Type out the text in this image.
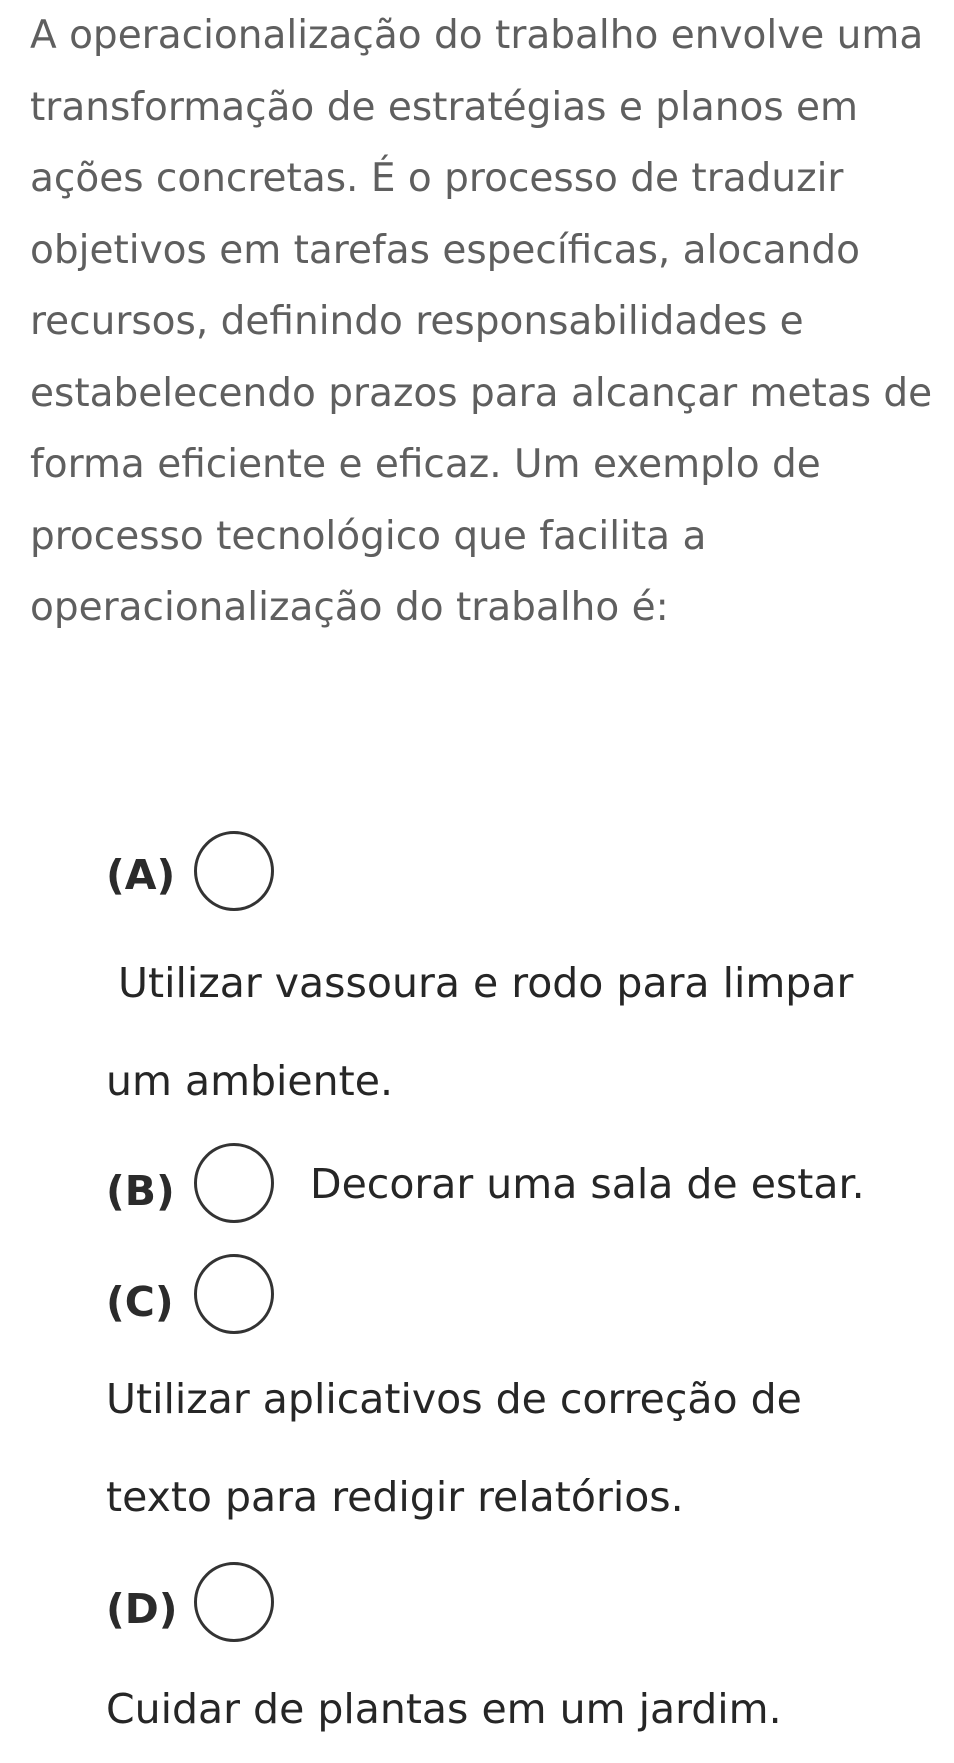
A operacionalização do trabalho envolve uma transformação de estratégias e planos em ações concretas. É o processo de traduzir objetivos em tarefas específicas, alocando recursos, definindo responsabilidades e estabelecendo prazos para alcançar metas de forma eficiente e eficaz. Um exemplo de processo tecnológico que facilita a operacionalização do trabalho é:

(A)

Utilizar vassoura e rodo para limpar um ambiente.

(B)	Decorar uma sala de estar.

(C)

Utilizar aplicativos de correção de texto para redigir relatórios.

(D)

Cuidar de plantas em um jardim.
